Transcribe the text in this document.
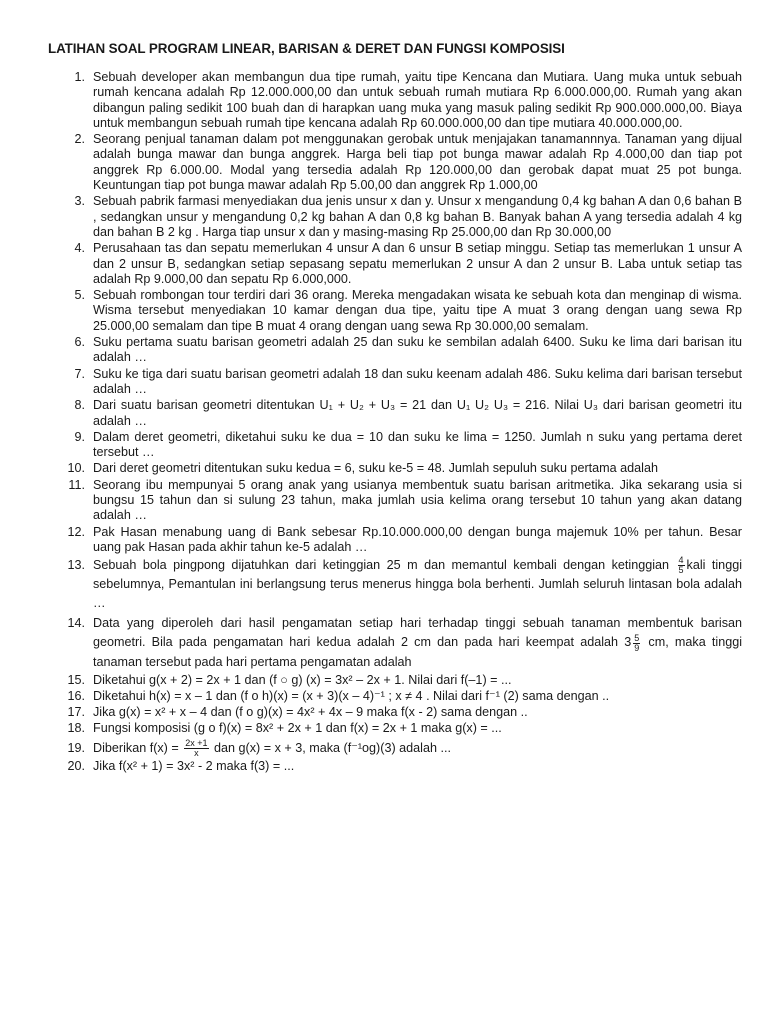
LATIHAN SOAL PROGRAM LINEAR, BARISAN & DERET DAN FUNGSI KOMPOSISI
1. Sebuah developer akan membangun dua tipe rumah, yaitu tipe Kencana dan Mutiara. Uang muka untuk sebuah rumah kencana adalah Rp 12.000.000,00 dan untuk sebuah rumah mutiara Rp 6.000.000,00. Rumah yang akan dibangun paling sedikit 100 buah dan di harapkan uang muka yang masuk paling sedikit Rp 900.000.000,00. Biaya untuk membangun sebuah rumah tipe kencana adalah Rp 60.000.000,00 dan tipe mutiara 40.000.000,00.
2. Seorang penjual tanaman dalam pot menggunakan gerobak untuk menjajakan tanamannnya. Tanaman yang dijual adalah bunga mawar dan bunga anggrek. Harga beli tiap pot bunga mawar adalah Rp 4.000,00 dan tiap pot anggrek Rp 6.000.00. Modal yang tersedia adalah Rp 120.000,00 dan gerobak dapat muat 25 pot bunga. Keuntungan tiap pot bunga mawar adalah Rp 5.00,00 dan anggrek Rp 1.000,00
3. Sebuah pabrik farmasi menyediakan dua jenis unsur x dan y. Unsur x mengandung 0,4 kg bahan A dan 0,6 bahan B , sedangkan unsur y mengandung 0,2 kg bahan A dan 0,8 kg bahan B. Banyak bahan A yang tersedia adalah 4 kg dan bahan B 2 kg . Harga tiap unsur x dan y masing-masing Rp 25.000,00 dan Rp 30.000,00
4. Perusahaan tas dan sepatu memerlukan 4 unsur A dan 6 unsur B setiap minggu. Setiap tas memerlukan 1 unsur A dan 2 unsur B, sedangkan setiap sepasang sepatu memerlukan 2 unsur A dan 2 unsur B. Laba untuk setiap tas adalah Rp 9.000,00 dan sepatu Rp 6.000,000.
5. Sebuah rombongan tour terdiri dari 36 orang. Mereka mengadakan wisata ke sebuah kota dan menginap di wisma. Wisma tersebut menyediakan 10 kamar dengan dua tipe, yaitu tipe A muat 3 orang dengan uang sewa Rp 25.000,00 semalam dan tipe B muat 4 orang dengan uang sewa Rp 30.000,00 semalam.
6. Suku pertama suatu barisan geometri adalah 25 dan suku ke sembilan adalah 6400. Suku ke lima dari barisan itu adalah …
7. Suku ke tiga dari suatu barisan geometri adalah 18 dan suku keenam adalah 486. Suku kelima dari barisan tersebut adalah …
8. Dari suatu barisan geometri ditentukan U₁ + U₂ + U₃ = 21 dan U₁ U₂ U₃ = 216. Nilai U₃ dari barisan geometri itu adalah …
9. Dalam deret geometri, diketahui suku ke dua = 10 dan suku ke lima = 1250. Jumlah n suku yang pertama deret tersebut …
10. Dari deret geometri ditentukan suku kedua = 6, suku ke-5 = 48. Jumlah sepuluh suku pertama adalah
11. Seorang ibu mempunyai 5 orang anak yang usianya membentuk suatu barisan aritmetika. Jika sekarang usia si bungsu 15 tahun dan si sulung 23 tahun, maka jumlah usia kelima orang tersebut 10 tahun yang akan datang adalah …
12. Pak Hasan menabung uang di Bank sebesar Rp.10.000.000,00 dengan bunga majemuk 10% per tahun. Besar uang pak Hasan pada akhir tahun ke-5 adalah …
13. Sebuah bola pingpong dijatuhkan dari ketinggian 25 m dan memantul kembali dengan ketinggian $\frac{4}{5}$ kali tinggi sebelumnya, Pemantulan ini berlangsung terus menerus hingga bola berhenti. Jumlah seluruh lintasan bola adalah …
14. Data yang diperoleh dari hasil pengamatan setiap hari terhadap tinggi sebuah tanaman membentuk barisan geometri. Bila pada pengamatan hari kedua adalah 2 cm dan pada hari keempat adalah $3 \frac{5}{9}$ cm, maka tinggi tanaman tersebut pada hari pertama pengamatan adalah
15. Diketahui g(x + 2) = 2x + 1 dan (f ○ g) (x) = 3x² – 2x + 1. Nilai dari f(–1) = ...
16. Diketahui h(x) = x – 1 dan (f o h)(x) = (x + 3)(x – 4)⁻¹ ; x ≠ 4 . Nilai dari f⁻¹ (2) sama dengan ..
17. Jika g(x) = x² + x – 4 dan (f o g)(x) = 4x² + 4x – 9 maka f(x - 2) sama dengan ..
18. Fungsi komposisi (g o f)(x) = 8x² + 2x + 1 dan f(x) = 2x + 1 maka g(x) = ...
19. Diberikan $f(x) = \frac{2x +1}{x}$ dan g(x) = x + 3, maka (f⁻¹og)(3) adalah ...
20. Jika f(x² + 1) = 3x² - 2 maka f(3) = ...
